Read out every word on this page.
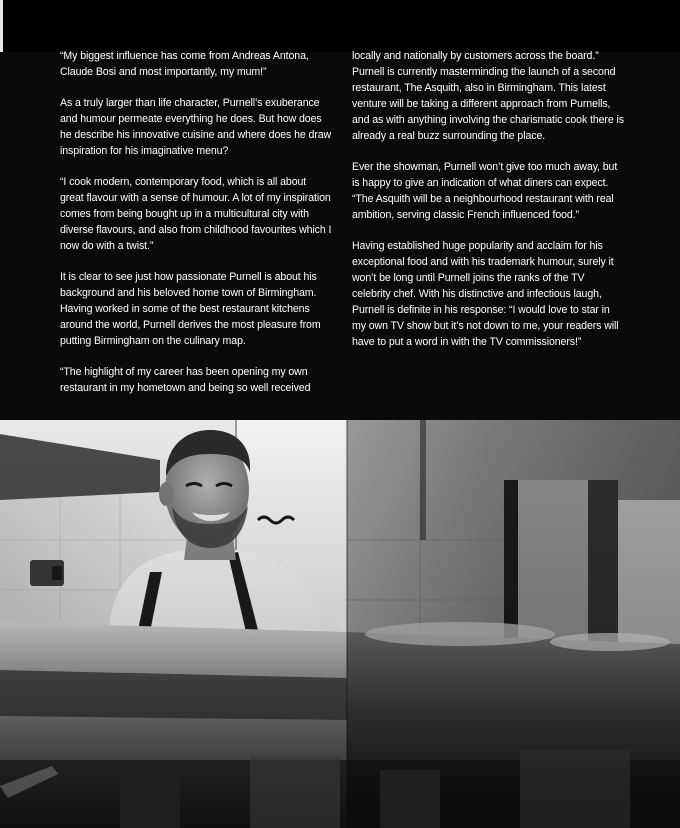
“My biggest influence has come from Andreas Antona, Claude Bosi and most importantly, my mum!”

As a truly larger than life character, Purnell’s exuberance and humour permeate everything he does. But how does he describe his innovative cuisine and where does he draw inspiration for his imaginative menu?

“I cook modern, contemporary food, which is all about great flavour with a sense of humour. A lot of my inspiration comes from being bought up in a multicultural city with diverse flavours, and also from childhood favourites which I now do with a twist.”

It is clear to see just how passionate Purnell is about his background and his beloved home town of Birmingham. Having worked in some of the best restaurant kitchens around the world, Purnell derives the most pleasure from putting Birmingham on the culinary map.

“The highlight of my career has been opening my own restaurant in my hometown and being so well received

locally and nationally by customers across the board.” Purnell is currently masterminding the launch of a second restaurant, The Asquith, also in Birmingham. This latest venture will be taking a different approach from Purnells, and as with anything involving the charismatic cook there is already a real buzz surrounding the place.

Ever the showman, Purnell won’t give too much away, but is happy to give an indication of what diners can expect. “The Asquith will be a neighbourhood restaurant with real ambition, serving classic French influenced food.”

Having established huge popularity and acclaim for his exceptional food and with his trademark humour, surely it won’t be long until Purnell joins the ranks of the TV celebrity chef. With his distinctive and infectious laugh, Purnell is definite in his response: “I would love to star in my own TV show but it’s not down to me, your readers will have to put a word in with the TV commissioners!”
